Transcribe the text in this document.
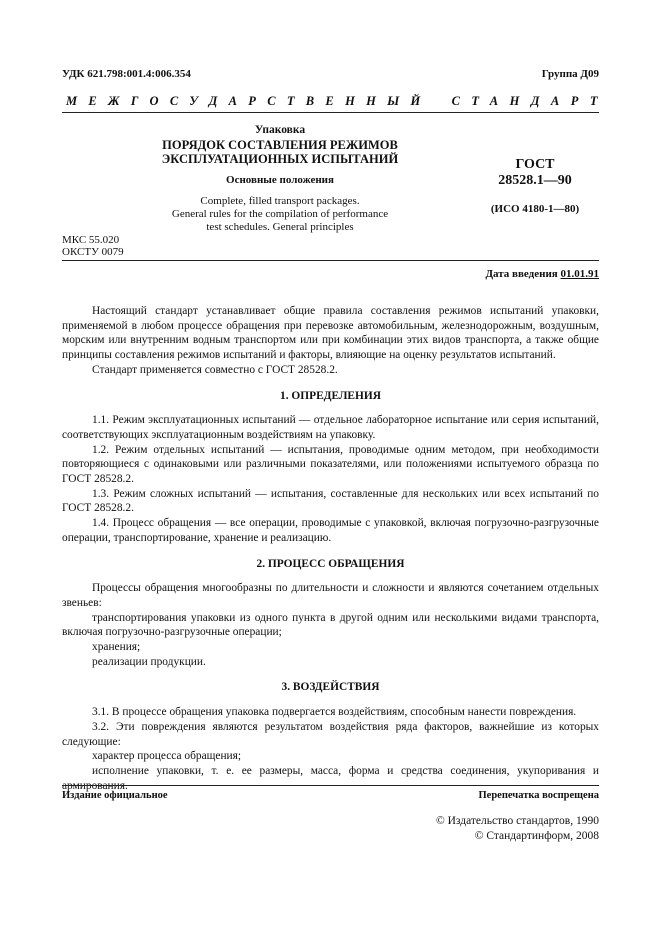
УДК 621.798:001.4:006.354	Группа Д09
МЕЖГОСУДАРСТВЕННЫЙ СТАНДАРТ
Упаковка
ПОРЯДОК СОСТАВЛЕНИЯ РЕЖИМОВ
ЭКСПЛУАТАЦИОННЫХ ИСПЫТАНИЙ
Основные положения
Complete, filled transport packages.
General rules for the compilation of performance
test schedules. General principles
ГОСТ
28528.1—90
(ИСО 4180-1—80)
МКС 55.020
ОКСТУ 0079
Дата введения 01.01.91

Настоящий стандарт устанавливает общие правила составления режимов испытаний упаковки, применяемой в любом процессе обращения при перевозке автомобильным, железнодорожным, воздушным, морским или внутренним водным транспортом или при комбинации этих видов транспорта, а также общие принципы составления режимов испытаний и факторы, влияющие на оценку результатов испытаний.

Стандарт применяется совместно с ГОСТ 28528.2.

1. ОПРЕДЕЛЕНИЯ

1.1. Режим эксплуатационных испытаний — отдельное лабораторное испытание или серия испытаний, соответствующих эксплуатационным воздействиям на упаковку.

1.2. Режим отдельных испытаний — испытания, проводимые одним методом, при необходимости повторяющиеся с одинаковыми или различными показателями, или положениями испытуемого образца по ГОСТ 28528.2.

1.3. Режим сложных испытаний — испытания, составленные для нескольких или всех испытаний по ГОСТ 28528.2.

1.4. Процесс обращения — все операции, проводимые с упаковкой, включая погрузочно-разгрузочные операции, транспортирование, хранение и реализацию.

2. ПРОЦЕСС ОБРАЩЕНИЯ

Процессы обращения многообразны по длительности и сложности и являются сочетанием отдельных звеньев:

транспортирования упаковки из одного пункта в другой одним или несколькими видами транспорта, включая погрузочно-разгрузочные операции;

хранения;

реализации продукции.

3. ВОЗДЕЙСТВИЯ

3.1. В процессе обращения упаковка подвергается воздействиям, способным нанести повреждения.

3.2. Эти повреждения являются результатом воздействия ряда факторов, важнейшие из которых следующие:

характер процесса обращения;

исполнение упаковки, т. е. ее размеры, масса, форма и средства соединения, укупоривания и армирования.

Издание официальное	Перепечатка воспрещена
© Издательство стандартов, 1990
© Стандартинформ, 2008
